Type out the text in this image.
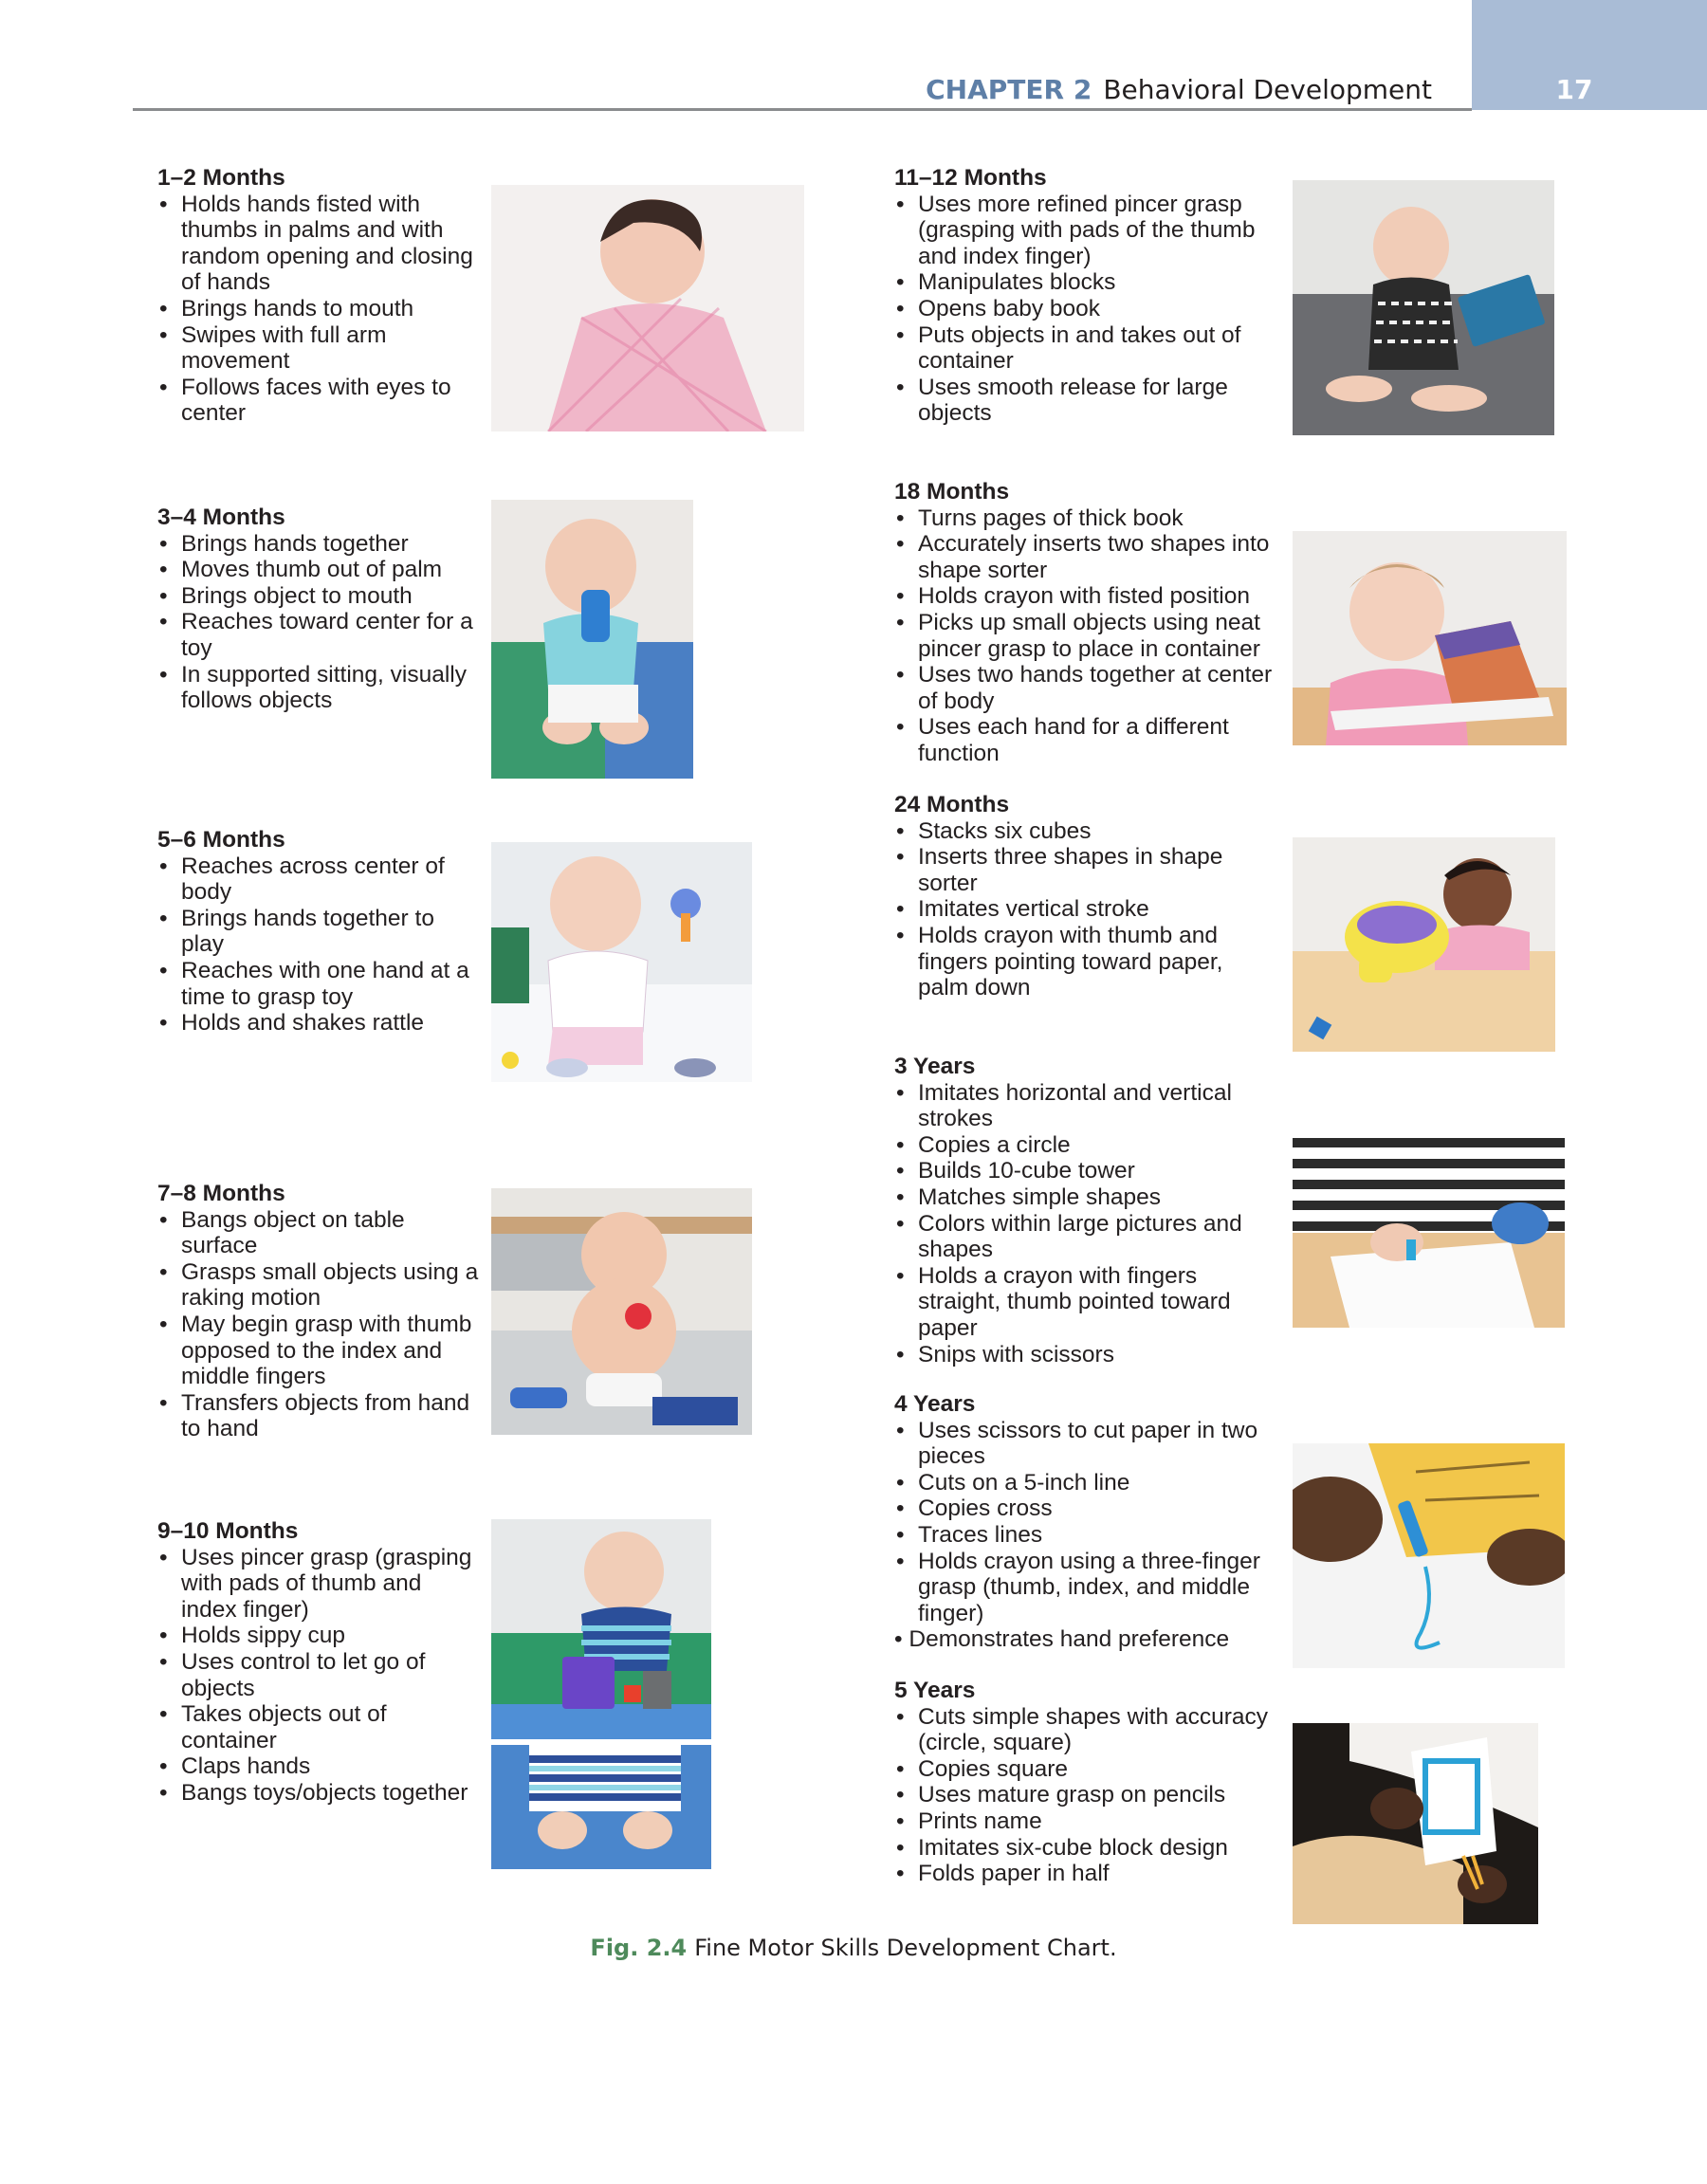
17
CHAPTER 2 Behavioral Development
1–2 Months
• Holds hands fisted with thumbs in palms and with random opening and closing of hands
• Brings hands to mouth
• Swipes with full arm movement
• Follows faces with eyes to center
3–4 Months
• Brings hands together
• Moves thumb out of palm
• Brings object to mouth
• Reaches toward center for a toy
• In supported sitting, visually follows objects
5–6 Months
• Reaches across center of body
• Brings hands together to play
• Reaches with one hand at a time to grasp toy
• Holds and shakes rattle
7–8 Months
• Bangs object on table surface
• Grasps small objects using a raking motion
• May begin grasp with thumb opposed to the index and middle fingers
• Transfers objects from hand to hand
9–10 Months
• Uses pincer grasp (grasping with pads of thumb and index finger)
• Holds sippy cup
• Uses control to let go of objects
• Takes objects out of container
• Claps hands
• Bangs toys/objects together
11–12 Months
• Uses more refined pincer grasp (grasping with pads of the thumb and index finger)
• Manipulates blocks
• Opens baby book
• Puts objects in and takes out of container
• Uses smooth release for large objects
18 Months
• Turns pages of thick book
• Accurately inserts two shapes into shape sorter
• Holds crayon with fisted position
• Picks up small objects using neat pincer grasp to place in container
• Uses two hands together at center of body
• Uses each hand for a different function
24 Months
• Stacks six cubes
• Inserts three shapes in shape sorter
• Imitates vertical stroke
• Holds crayon with thumb and fingers pointing toward paper, palm down
3 Years
• Imitates horizontal and vertical strokes
• Copies a circle
• Builds 10-cube tower
• Matches simple shapes
• Colors within large pictures and shapes
• Holds a crayon with fingers straight, thumb pointed toward paper
• Snips with scissors
4 Years
• Uses scissors to cut paper in two pieces
• Cuts on a 5-inch line
• Copies cross
• Traces lines
• Holds crayon using a three-finger grasp (thumb, index, and middle finger)
• Demonstrates hand preference
5 Years
• Cuts simple shapes with accuracy (circle, square)
• Copies square
• Uses mature grasp on pencils
• Prints name
• Imitates six-cube block design
• Folds paper in half
Fig. 2.4 Fine Motor Skills Development Chart.
